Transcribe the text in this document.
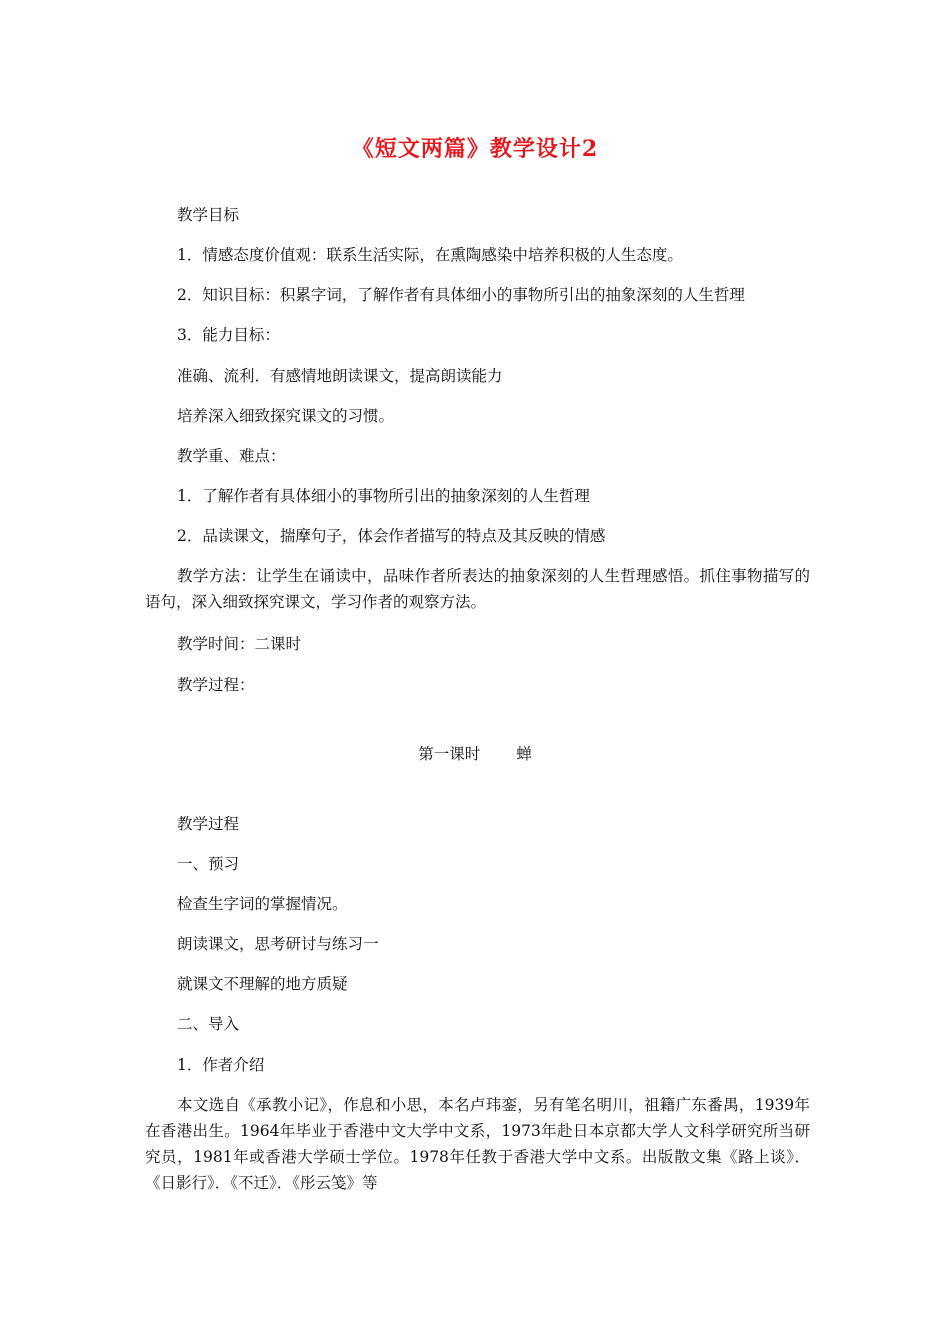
《短文两篇》教学设计2
教学目标
1．情感态度价值观：联系生活实际，在熏陶感染中培养积极的人生态度。
2．知识目标：积累字词，了解作者有具体细小的事物所引出的抽象深刻的人生哲理
3．能力目标：
准确、流利．有感情地朗读课文，提高朗读能力
培养深入细致探究课文的习惯。
教学重、难点：
1．了解作者有具体细小的事物所引出的抽象深刻的人生哲理
2．品读课文，揣摩句子，体会作者描写的特点及其反映的情感
教学方法：让学生在诵读中，品味作者所表达的抽象深刻的人生哲理感悟。抓住事物描写的语句，深入细致探究课文，学习作者的观察方法。
教学时间：二课时
教学过程：
第一课时 蝉
教学过程
一、预习
检查生字词的掌握情况。
朗读课文，思考研讨与练习一
就课文不理解的地方质疑
二、导入
1．作者介绍
本文选自《承教小记》，作息和小思，本名卢玮銮，另有笔名明川，祖籍广东番禺，1939年在香港出生。1964年毕业于香港中文大学中文系，1973年赴日本京都大学人文科学研究所当研究员，1981年或香港大学硕士学位。1978年任教于香港大学中文系。出版散文集《路上谈》．《日影行》．《不迁》．《彤云笺》等
